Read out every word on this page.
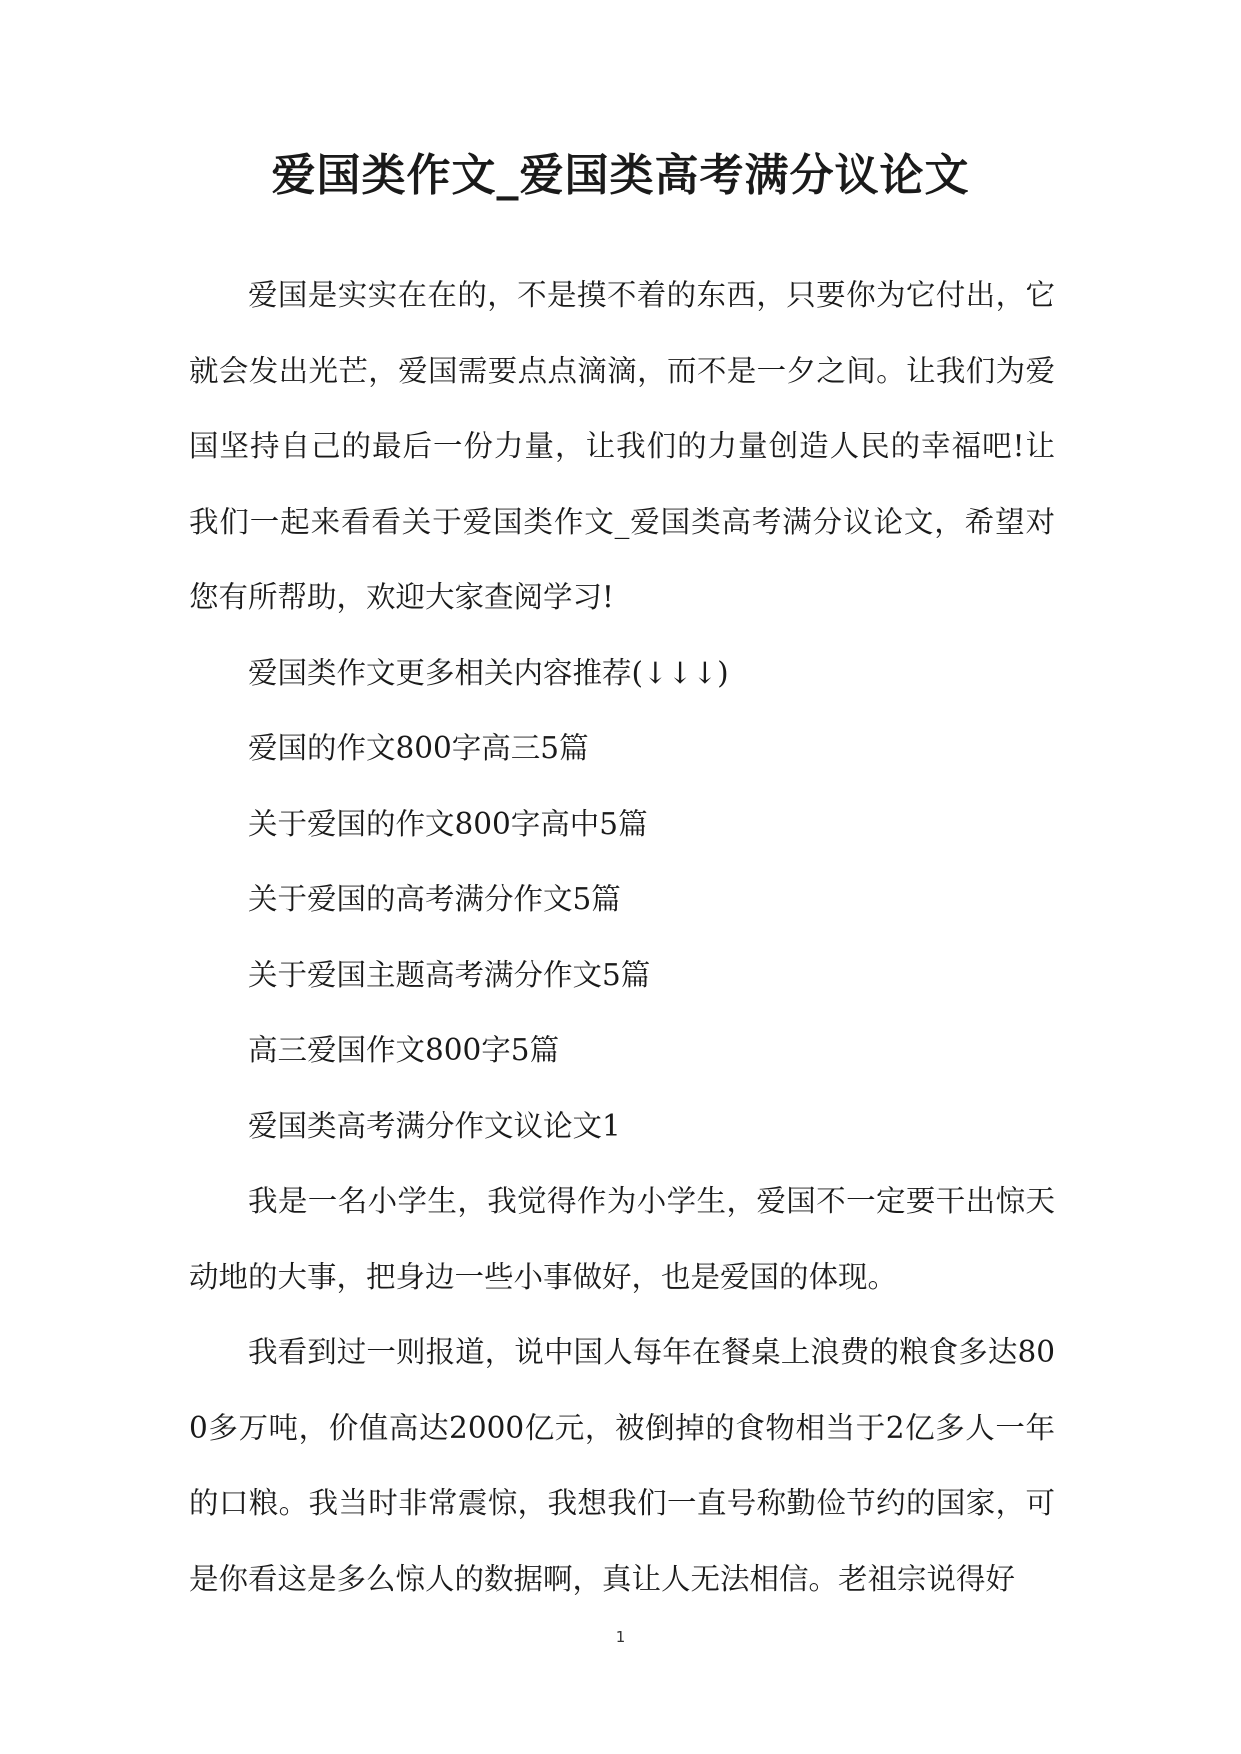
爱国类作文_爱国类高考满分议论文

爱国是实实在在的，不是摸不着的东西，只要你为它付出，它就会发出光芒，爱国需要点点滴滴，而不是一夕之间。让我们为爱国坚持自己的最后一份力量，让我们的力量创造人民的幸福吧!让我们一起来看看关于爱国类作文_爱国类高考满分议论文，希望对您有所帮助，欢迎大家查阅学习!

爱国类作文更多相关内容推荐(↓↓↓)

爱国的作文800字高三5篇

关于爱国的作文800字高中5篇

关于爱国的高考满分作文5篇

关于爱国主题高考满分作文5篇

高三爱国作文800字5篇

爱国类高考满分作文议论文1

我是一名小学生，我觉得作为小学生，爱国不一定要干出惊天动地的大事，把身边一些小事做好，也是爱国的体现。

我看到过一则报道，说中国人每年在餐桌上浪费的粮食多达800多万吨，价值高达2000亿元，被倒掉的食物相当于2亿多人一年的口粮。我当时非常震惊，我想我们一直号称勤俭节约的国家，可是你看这是多么惊人的数据啊，真让人无法相信。老祖宗说得好

1
